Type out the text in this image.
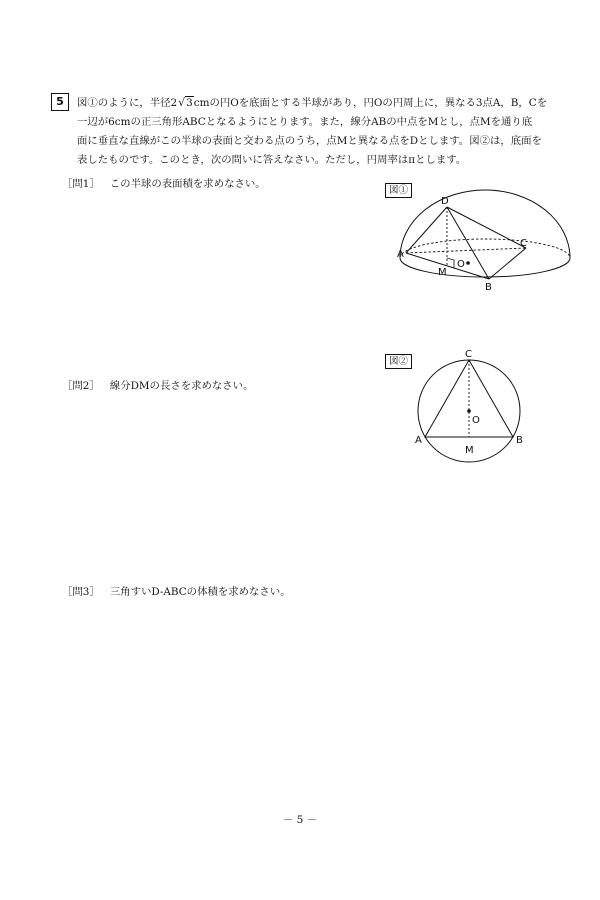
5	図①のように，半径2√3cmの円Oを底面とする半球があり，円Oの円周上に，異なる3点A，B，Cを

一辺が6cmの正三角形ABCとなるようにとります。また，線分ABの中点をMとし，点Mを通り底

面に垂直な直線がこの半球の表面と交わる点のうち，点Mと異なる点をDとします。図②は，底面を

表したものです。このとき，次の問いに答えなさい。ただし，円周率はπとします。

［問1］ この半球の表面積を求めなさい。
［問2］ 線分DMの長さを求めなさい。
［問3］ 三角すいD-ABCの体積を求めなさい。
図①
D
A
C
M
O
B
図②
C
O
A	B
M
－ 5 －
